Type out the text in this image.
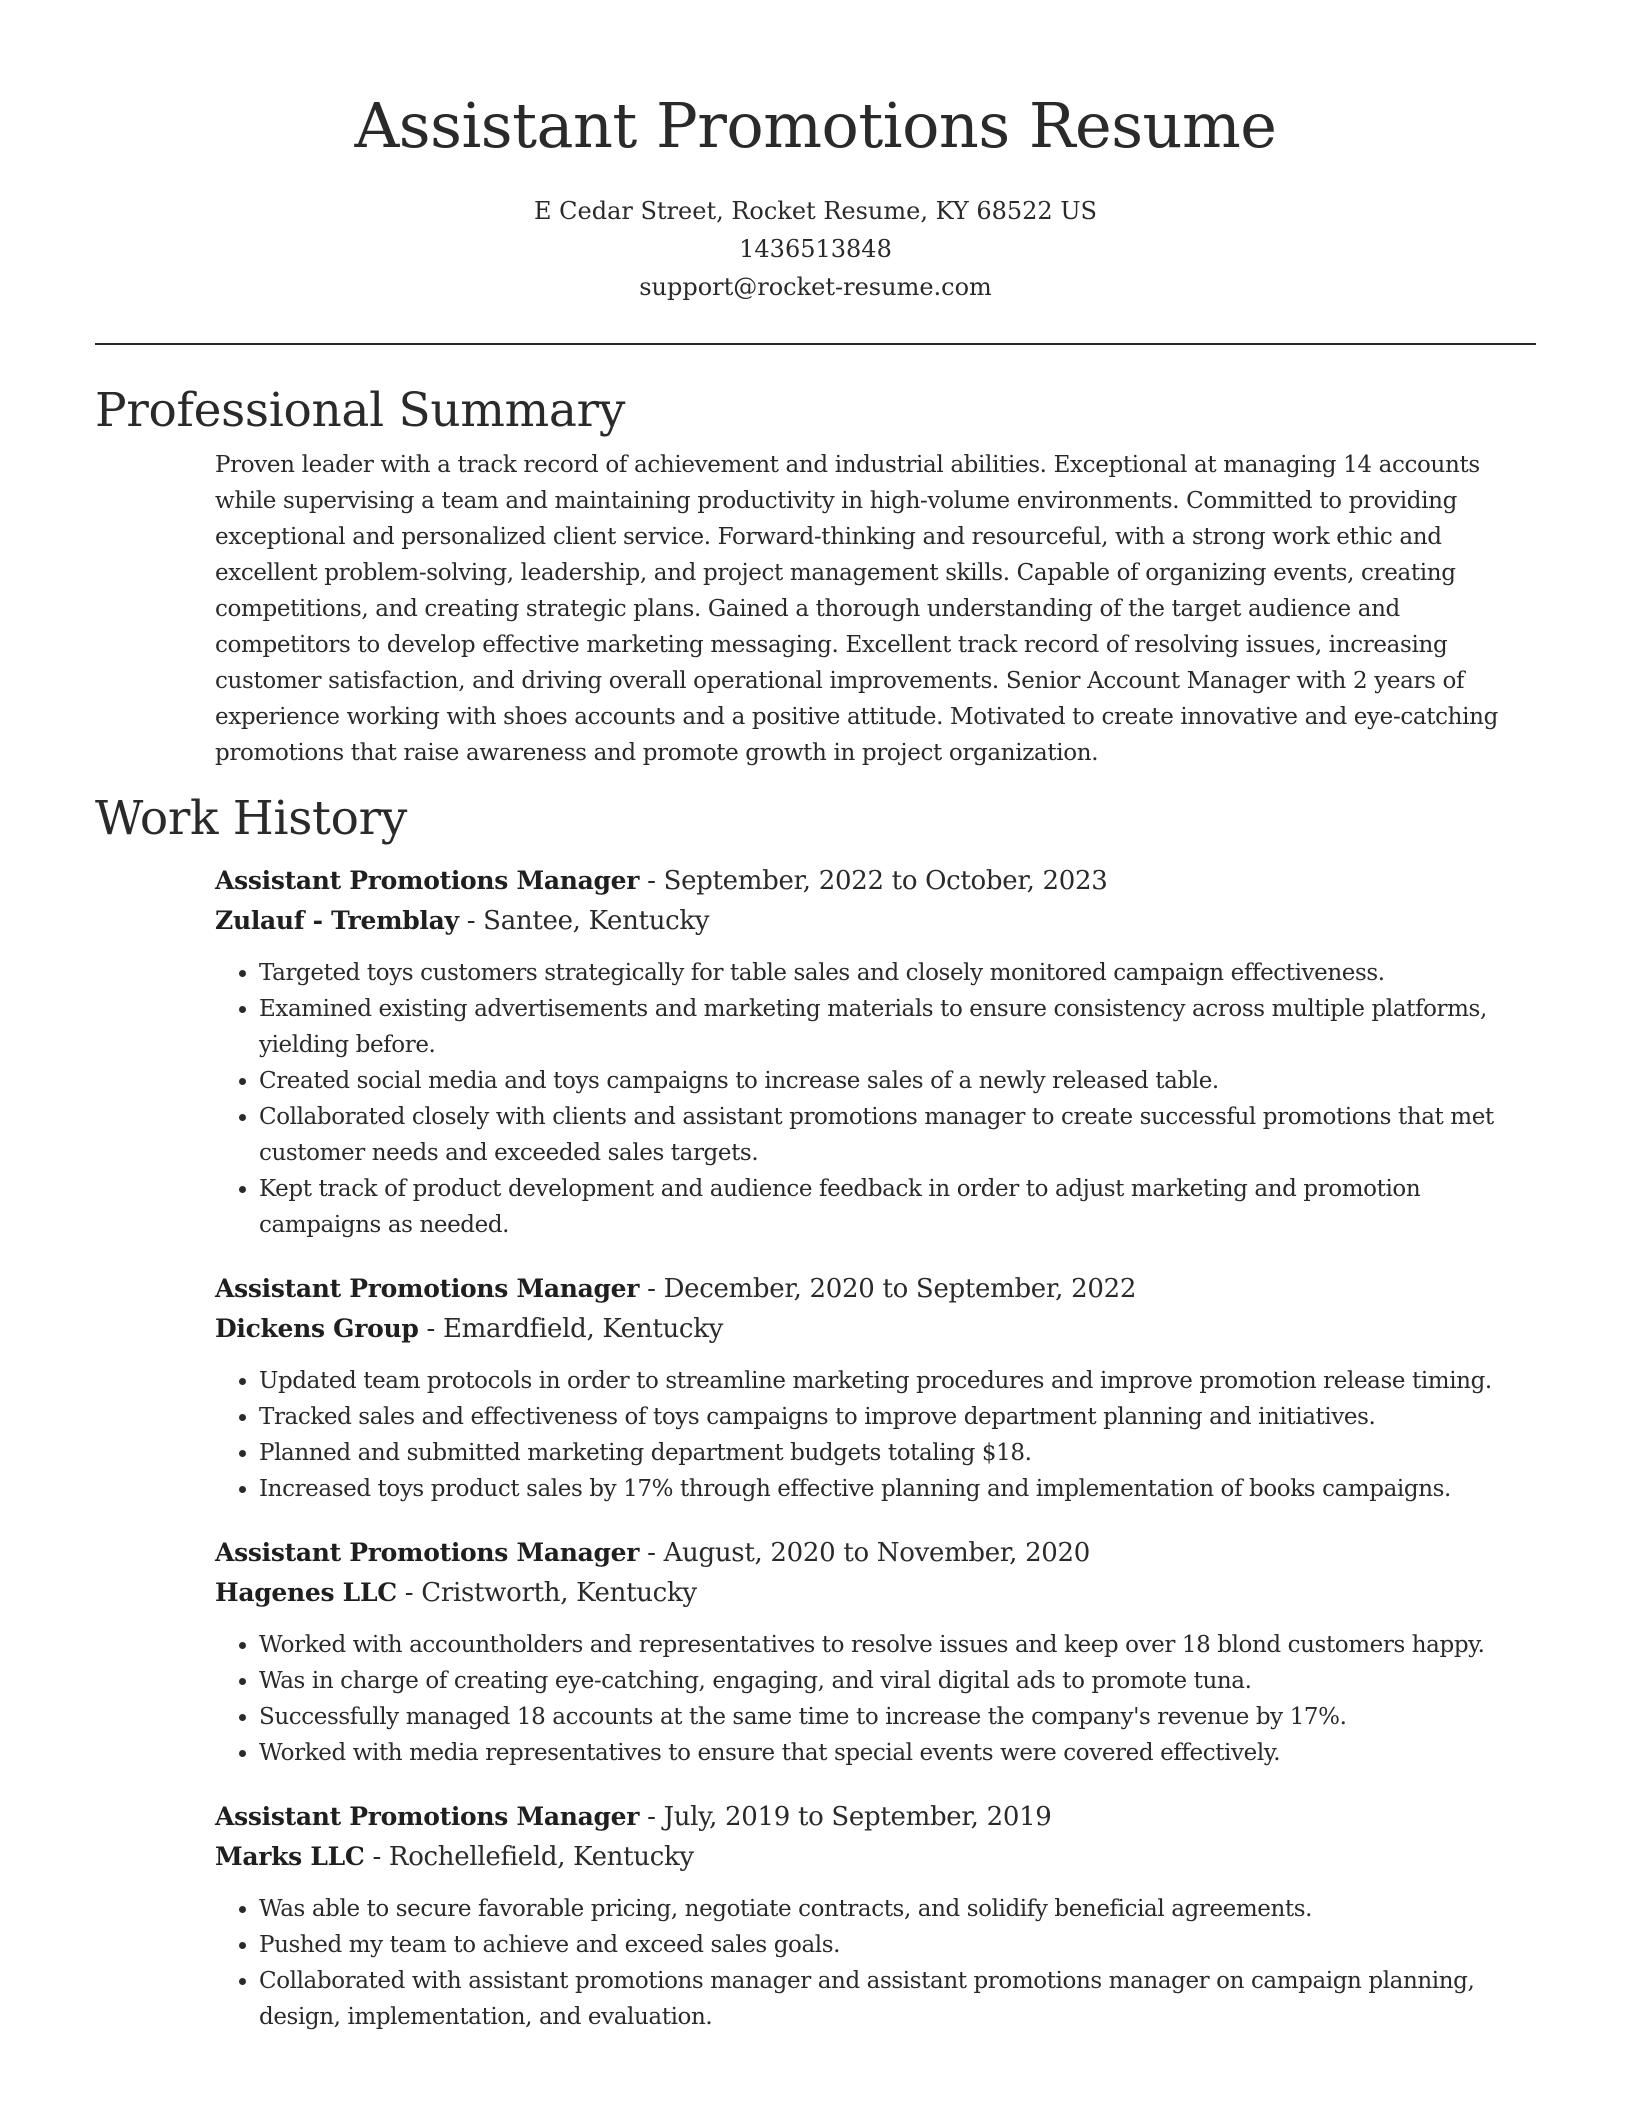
Assistant Promotions Resume
E Cedar Street, Rocket Resume, KY 68522 US
1436513848
support@rocket-resume.com
Professional Summary
Proven leader with a track record of achievement and industrial abilities. Exceptional at managing 14 accounts while supervising a team and maintaining productivity in high-volume environments. Committed to providing exceptional and personalized client service. Forward-thinking and resourceful, with a strong work ethic and excellent problem-solving, leadership, and project management skills. Capable of organizing events, creating competitions, and creating strategic plans. Gained a thorough understanding of the target audience and competitors to develop effective marketing messaging. Excellent track record of resolving issues, increasing customer satisfaction, and driving overall operational improvements. Senior Account Manager with 2 years of experience working with shoes accounts and a positive attitude. Motivated to create innovative and eye-catching promotions that raise awareness and promote growth in project organization.
Work History
Assistant Promotions Manager - September, 2022 to October, 2023
Zulauf - Tremblay - Santee, Kentucky
• Targeted toys customers strategically for table sales and closely monitored campaign effectiveness.
• Examined existing advertisements and marketing materials to ensure consistency across multiple platforms, yielding before.
• Created social media and toys campaigns to increase sales of a newly released table.
• Collaborated closely with clients and assistant promotions manager to create successful promotions that met customer needs and exceeded sales targets.
• Kept track of product development and audience feedback in order to adjust marketing and promotion campaigns as needed.
Assistant Promotions Manager - December, 2020 to September, 2022
Dickens Group - Emardfield, Kentucky
• Updated team protocols in order to streamline marketing procedures and improve promotion release timing.
• Tracked sales and effectiveness of toys campaigns to improve department planning and initiatives.
• Planned and submitted marketing department budgets totaling $18.
• Increased toys product sales by 17% through effective planning and implementation of books campaigns.
Assistant Promotions Manager - August, 2020 to November, 2020
Hagenes LLC - Cristworth, Kentucky
• Worked with accountholders and representatives to resolve issues and keep over 18 blond customers happy.
• Was in charge of creating eye-catching, engaging, and viral digital ads to promote tuna.
• Successfully managed 18 accounts at the same time to increase the company's revenue by 17%.
• Worked with media representatives to ensure that special events were covered effectively.
Assistant Promotions Manager - July, 2019 to September, 2019
Marks LLC - Rochellefield, Kentucky
• Was able to secure favorable pricing, negotiate contracts, and solidify beneficial agreements.
• Pushed my team to achieve and exceed sales goals.
• Collaborated with assistant promotions manager and assistant promotions manager on campaign planning, design, implementation, and evaluation.
